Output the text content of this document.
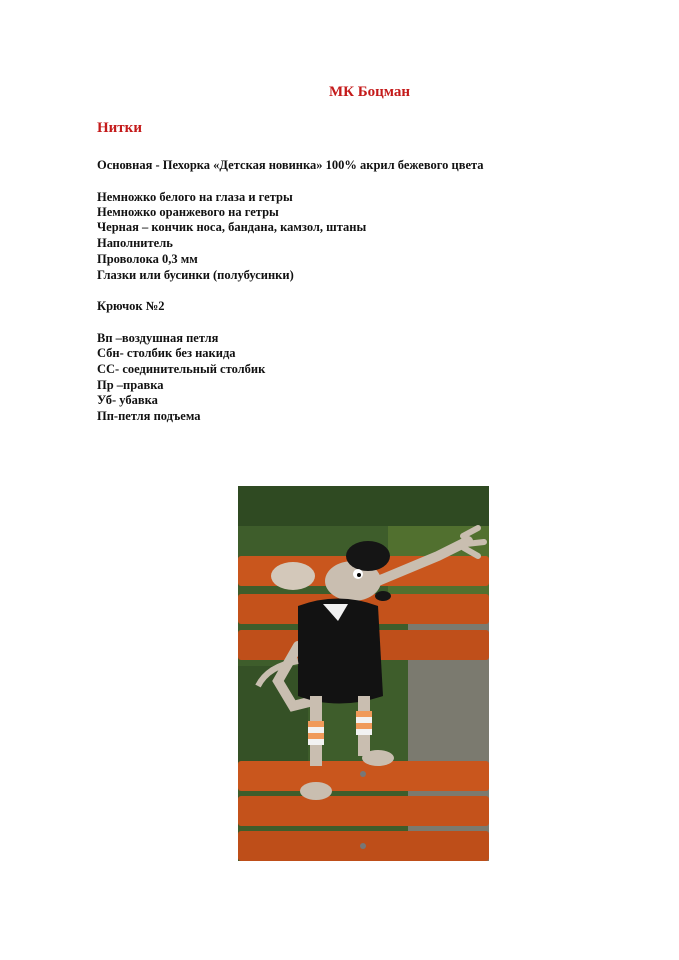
МК Боцман
Нитки
Основная - Пехорка «Детская новинка» 100% акрил бежевого цвета
Немножко белого на глаза и гетры
Немножко оранжевого на гетры
Черная – кончик носа, бандана, камзол, штаны
Наполнитель
Проволока 0,3 мм
Глазки или бусинки (полубусинки)
Крючок №2
Вп –воздушная петля
Сбн- столбик без накида
СС- соединительный столбик
Пр –правка
Уб- убавка
Пп-петля подъема
